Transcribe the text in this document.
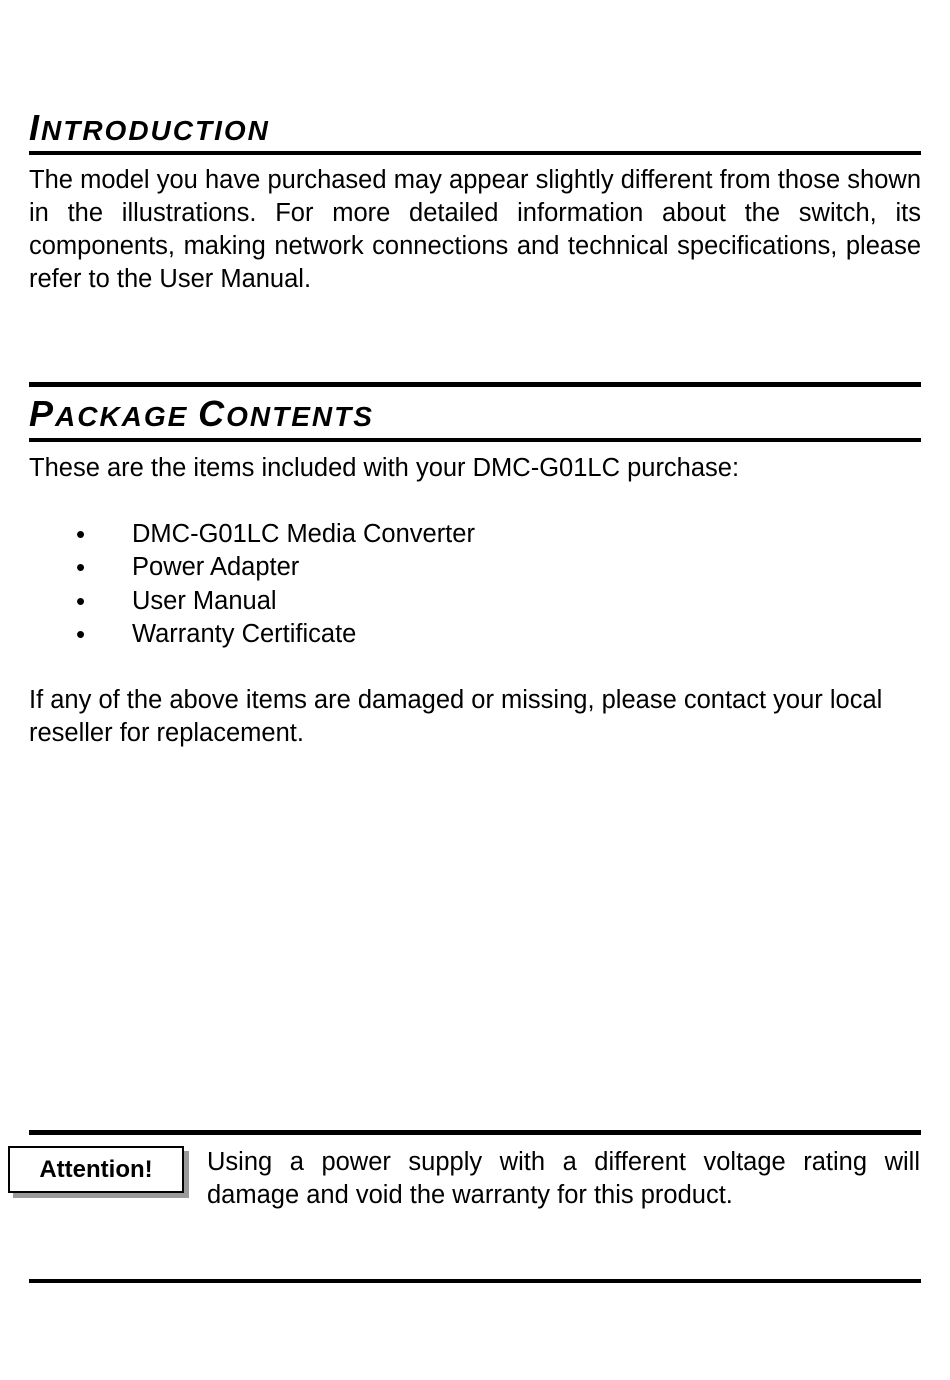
INTRODUCTION

The model you have purchased may appear slightly different from those shown in the illustrations. For more detailed information about the switch, its components, making network connections and technical specifications, please refer to the User Manual.

PACKAGE CONTENTS

These are the items included with your DMC-G01LC purchase:

• DMC-G01LC Media Converter
• Power Adapter
• User Manual
• Warranty Certificate

If any of the above items are damaged or missing, please contact your local reseller for replacement.

Attention! Using a power supply with a different voltage rating will damage and void the warranty for this product.
